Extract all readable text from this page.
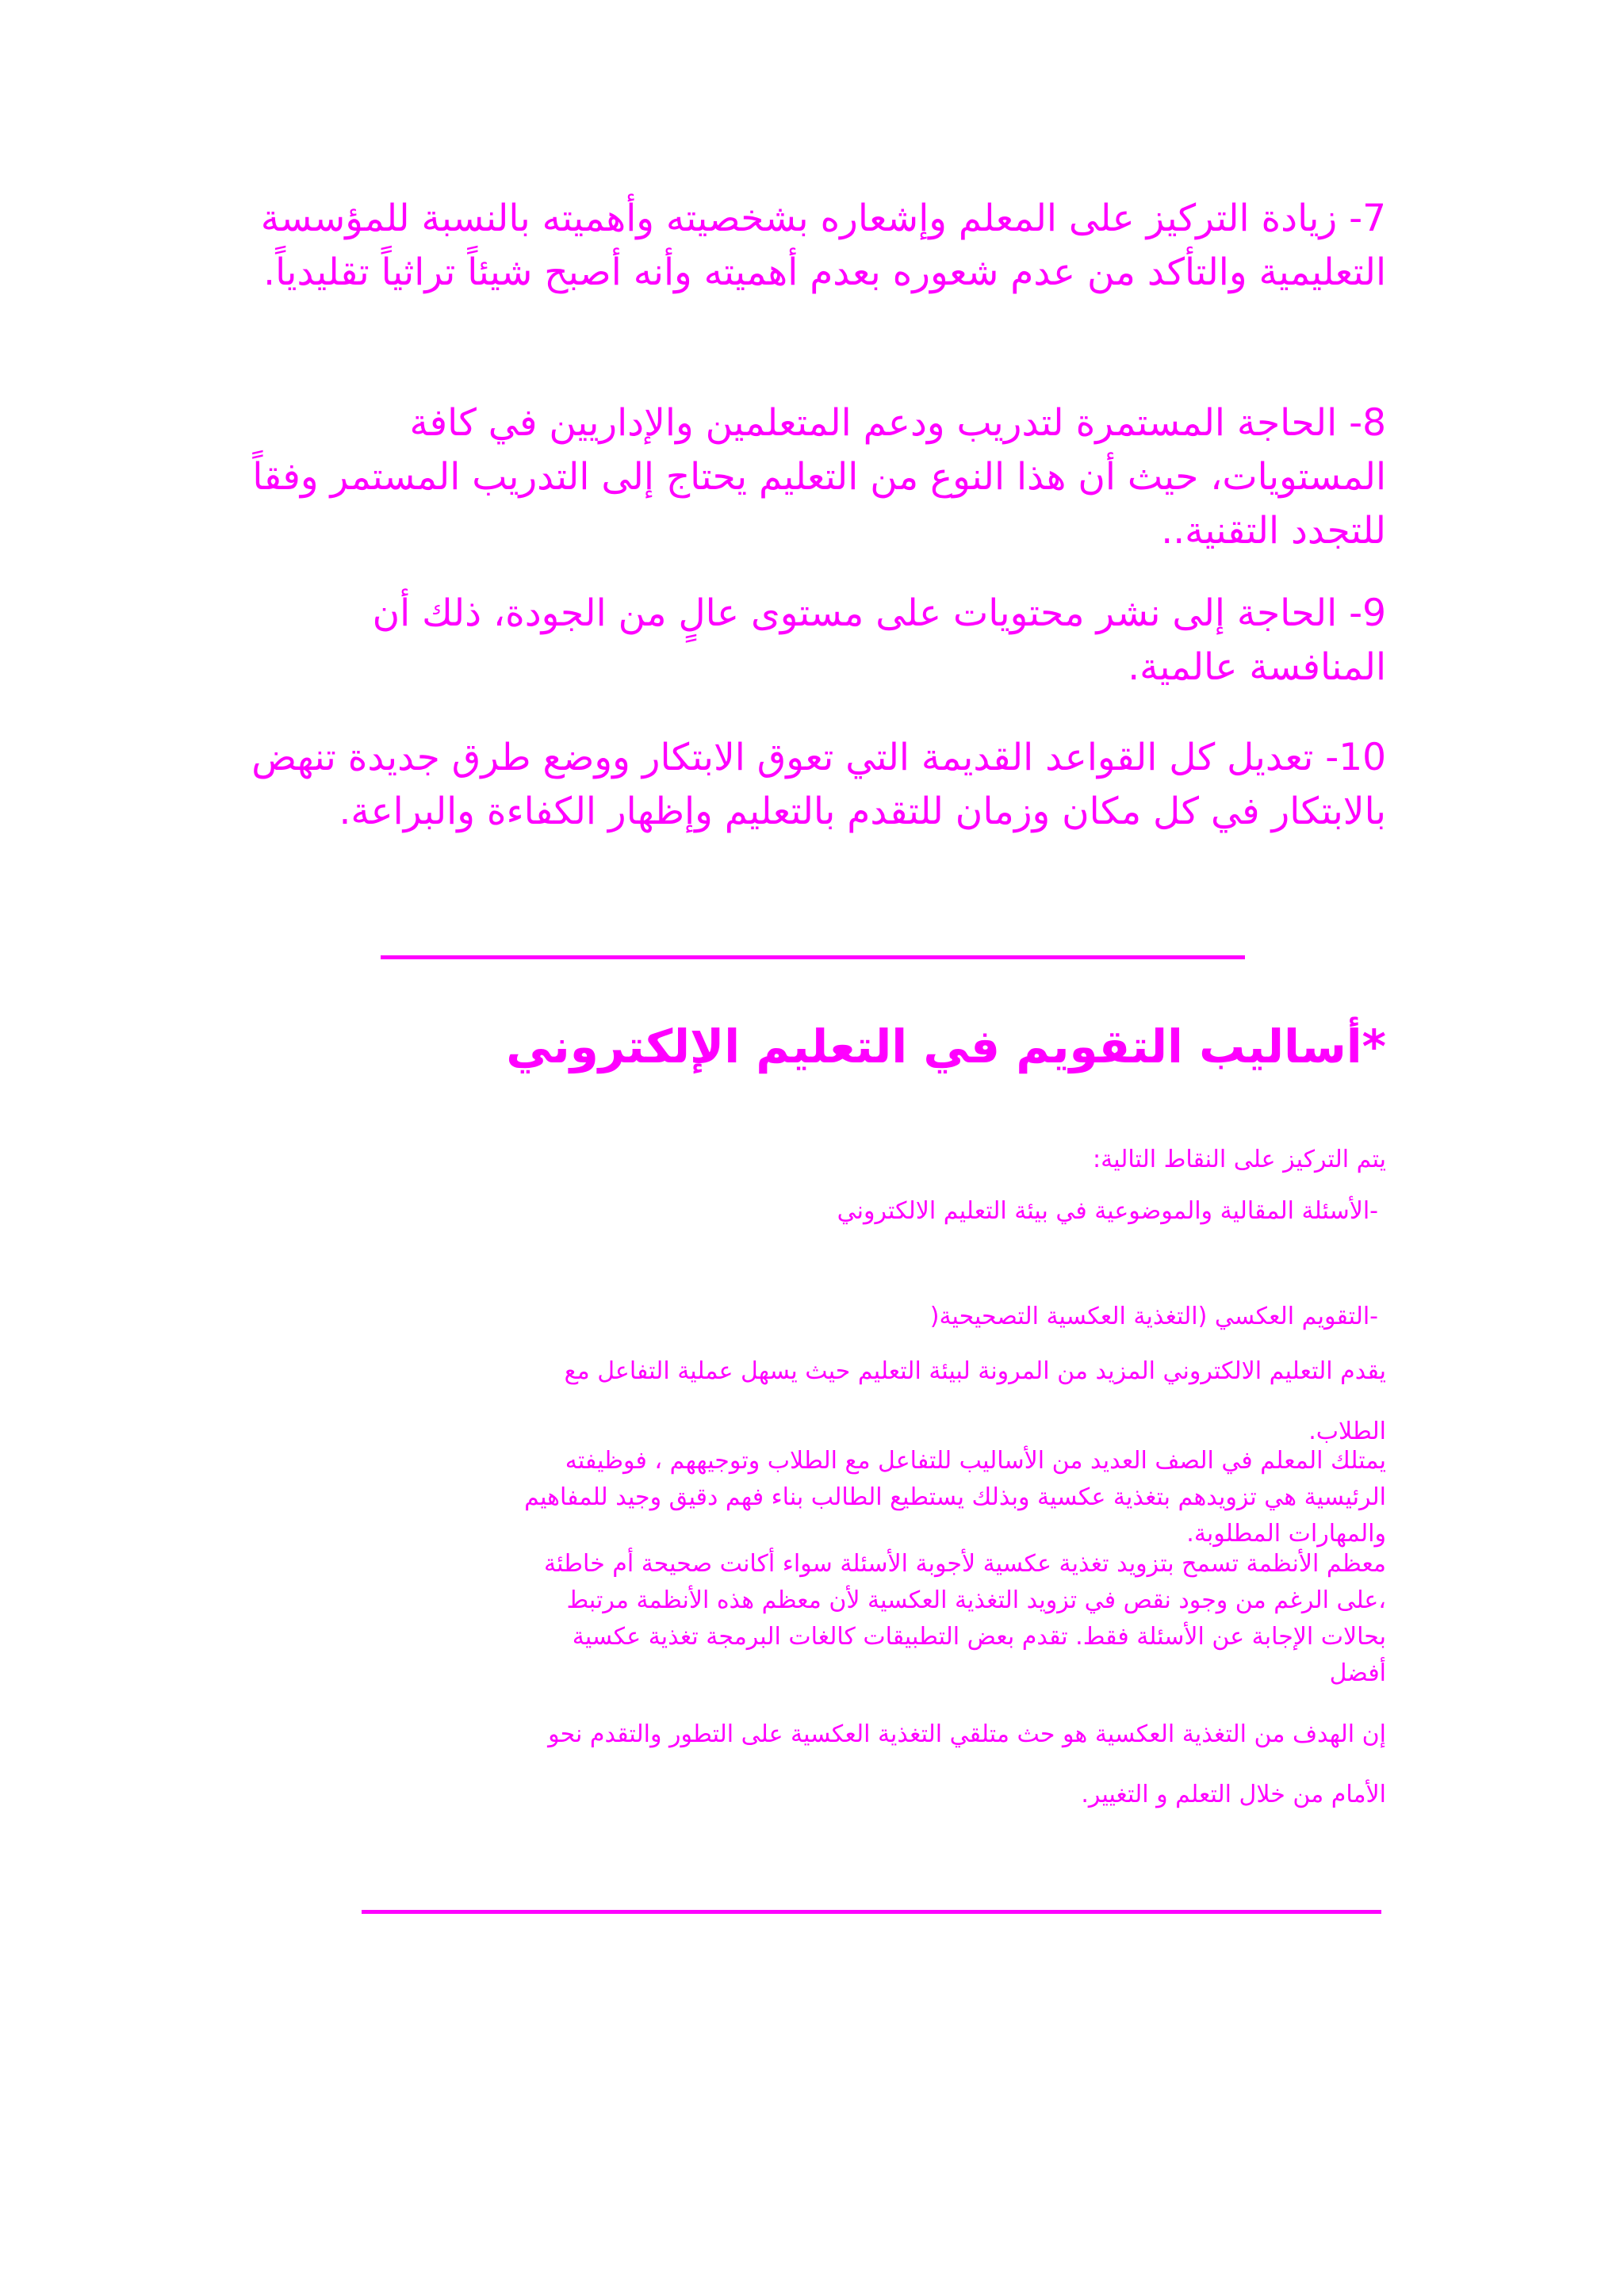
7- زيادة التركيز على المعلم وإشعاره بشخصيته وأهميته بالنسبة للمؤسسة التعليمية والتأكد من عدم شعوره بعدم أهميته وأنه أصبح شيئاً تراثياً تقليدياً.

8- الحاجة المستمرة لتدريب ودعم المتعلمين والإداريين في كافة المستويات، حيث أن هذا النوع من التعليم يحتاج إلى التدريب المستمر وفقاً للتجدد التقنية..

9- الحاجة إلى نشر محتويات على مستوى عالٍ من الجودة، ذلك أن المنافسة عالمية.

10- تعديل كل القواعد القديمة التي تعوق الابتكار ووضع طرق جديدة تنهض بالابتكار في كل مكان وزمان للتقدم بالتعليم وإظهار الكفاءة والبراعة.

*أساليب التقويم في التعليم الإلكتروني

يتم التركيز على النقاط التالية:

-الأسئلة المقالية والموضوعية في بيئة التعليم الالكتروني

-التقويم العكسي (التغذية العكسية التصحيحية(

يقدم التعليم الالكتروني المزيد من المرونة لبيئة التعليم حيث يسهل عملية التفاعل مع الطلاب.

يمتلك المعلم في الصف العديد من الأساليب للتفاعل مع الطلاب وتوجيههم ، فوظيفته الرئيسية هي تزويدهم بتغذية عكسية وبذلك يستطيع الطالب بناء فهم دقيق وجيد للمفاهيم والمهارات المطلوبة.

معظم الأنظمة تسمح بتزويد تغذية عكسية لأجوبة الأسئلة سواء أكانت صحيحة أم خاطئة ،على الرغم من وجود نقص في تزويد التغذية العكسية لأن معظم هذه الأنظمة مرتبط بحالات الإجابة عن الأسئلة فقط. تقدم بعض التطبيقات كالغات البرمجة تغذية عكسية أفضل

إن الهدف من التغذية العكسية هو حث متلقي التغذية العكسية على التطور والتقدم نحو الأمام من خلال التعلم و التغيير.
